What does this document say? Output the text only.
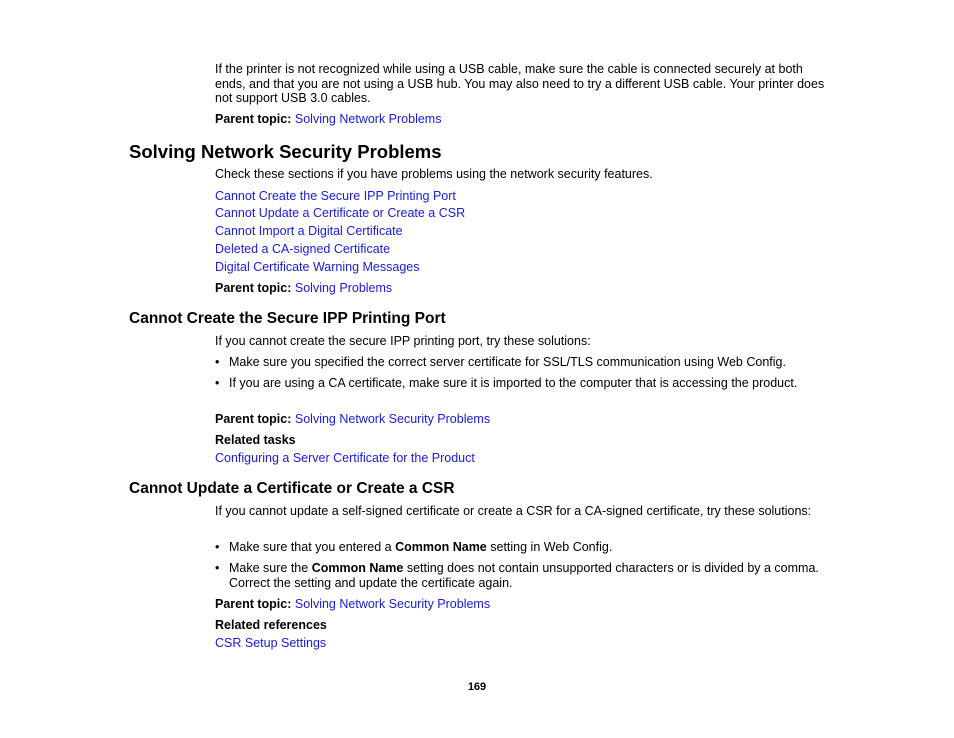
If the printer is not recognized while using a USB cable, make sure the cable is connected securely at both ends, and that you are not using a USB hub. You may also need to try a different USB cable. Your printer does not support USB 3.0 cables.

Parent topic: Solving Network Problems

Solving Network Security Problems

Check these sections if you have problems using the network security features.

Cannot Create the Secure IPP Printing Port

Cannot Update a Certificate or Create a CSR

Cannot Import a Digital Certificate

Deleted a CA-signed Certificate

Digital Certificate Warning Messages

Parent topic: Solving Problems

Cannot Create the Secure IPP Printing Port

If you cannot create the secure IPP printing port, try these solutions:

• Make sure you specified the correct server certificate for SSL/TLS communication using Web Config.
• If you are using a CA certificate, make sure it is imported to the computer that is accessing the product.

Parent topic: Solving Network Security Problems

Related tasks

Configuring a Server Certificate for the Product

Cannot Update a Certificate or Create a CSR

If you cannot update a self-signed certificate or create a CSR for a CA-signed certificate, try these solutions:

• Make sure that you entered a Common Name setting in Web Config.
• Make sure the Common Name setting does not contain unsupported characters or is divided by a comma. Correct the setting and update the certificate again.

Parent topic: Solving Network Security Problems

Related references

CSR Setup Settings

169
